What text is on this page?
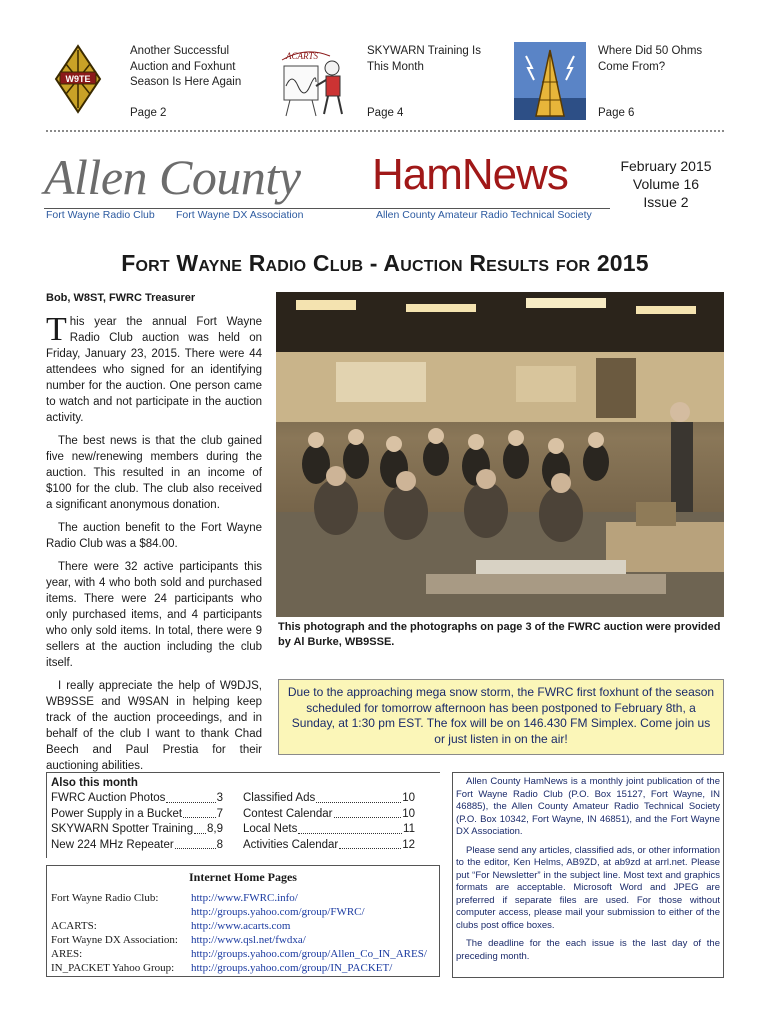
W9TE
Another Successful Auction and Foxhunt Season Is Here Again
Page 2
ACARTS	SKYWARN Training Is This Month
Page 4
Where Did 50 Ohms Come From?
Page 6
Allen County HamNews
Fort Wayne Radio Club Fort Wayne DX Association	Allen County Amateur Radio Technical Society
February 2015
Volume 16
Issue 2
Fort Wayne Radio Club - Auction Results for 2015
Bob, W8ST, FWRC Treasurer

This year the annual Fort Wayne Radio Club auction was held on Friday, January 23, 2015. There were 44 attendees who signed for an identifying number for the auction. One person came to watch and not participate in the auction activity.

The best news is that the club gained five new/renewing members during the auction. This resulted in an income of $100 for the club. The club also received a significant anonymous donation.

The auction benefit to the Fort Wayne Radio Club was a $84.00.

There were 32 active participants this year, with 4 who both sold and purchased items. There were 24 participants who only purchased items, and 4 participants who only sold items. In total, there were 9 sellers at the auction including the club itself.

I really appreciate the help of W9DJS, WB9SSE and W9SAN in helping keep track of the auction proceedings, and in behalf of the club I want to thank Chad Beech and Paul Prestia for their auctioning abilities.

This photograph and the photographs on page 3 of the FWRC auction were provided by Al Burke, WB9SSE.
Due to the approaching mega snow storm, the FWRC first foxhunt of the season scheduled for tomorrow afternoon has been postponed to February 8th, a Sunday, at 1:30 pm EST. The fox will be on 146.430 FM Simplex. Come join us or just listen in on the air!
Also this month
FWRC Auction Photos	3
Power Supply in a Bucket	7
SKYWARN Spotter Training 8,9
New 224 MHz Repeater	8
Classified Ads	10
Contest Calendar	10
Local Nets	11
Activities Calendar	12
Internet Home Pages
Fort Wayne Radio Club:	http://www.FWRC.info/
http://groups.yahoo.com/group/FWRC/
ACARTS:	http://www.acarts.com
Fort Wayne DX Association:	http://www.qsl.net/fwdxa/
ARES:	http://groups.yahoo.com/group/Allen_Co_IN_ARES/
IN_PACKET Yahoo Group:	http://groups.yahoo.com/group/IN_PACKET/

Allen County HamNews is a monthly joint publication of the Fort Wayne Radio Club (P.O. Box 15127, Fort Wayne, IN 46885), the Allen County Amateur Radio Technical Society (P.O. Box 10342, Fort Wayne, IN 46851), and the Fort Wayne DX Association.

Please send any articles, classified ads, or other information to the editor, Ken Helms, AB9ZD, at ab9zd at arrl.net. Please put “For Newsletter” in the subject line. Most text and graphics formats are acceptable. Microsoft Word and JPEG are preferred if separate files are used. For those without computer access, please mail your submission to either of the clubs post office boxes.

The deadline for the each issue is the last day of the preceding month.
